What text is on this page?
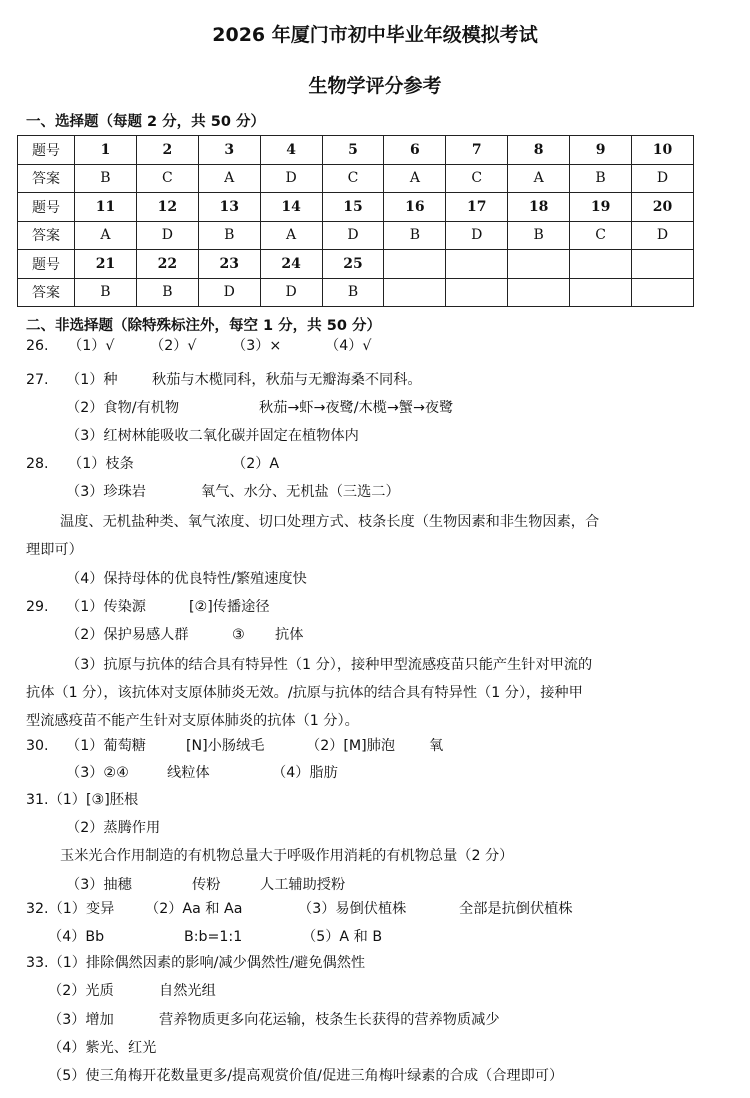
2026 年厦门市初中毕业年级模拟考试
生物学评分参考
一、选择题（每题 2 分，共 50 分）
题号	1	2	3	4	5	6	7	8	9	10
答案	B	C	A	D	C	A	C	A	B	D
题号	11	12	13	14	15	16	17	18	19	20
答案	A	D	B	A	D	B	D	B	C	D
题号	21	22	23	24	25					
答案	B	B	D	D	B					
二、非选择题（除特殊标注外，每空 1 分，共 50 分）
26. （1）√	（2）√	（3）×	（4）√
27. （1）种 秋茄与木榄同科，秋茄与无瓣海桑不同科。
（2）食物/有机物	秋茄→虾→夜鹭/木榄→蟹→夜鹭
（3）红树林能吸收二氧化碳并固定在植物体内
28. （1）枝条	（2）A
（3）珍珠岩	氧气、水分、无机盐（三选二）
温度、无机盐种类、氧气浓度、切口处理方式、枝条长度（生物因素和非生物因素，合
理即可）
（4）保持母体的优良特性/繁殖速度快
29. （1）传染源	[②]传播途径
（2）保护易感人群	③ 抗体
（3）抗原与抗体的结合具有特异性（1 分），接种甲型流感疫苗只能产生针对甲流的
抗体（1 分），该抗体对支原体肺炎无效。/抗原与抗体的结合具有特异性（1 分），接种甲
型流感疫苗不能产生针对支原体肺炎的抗体（1 分）。
30. （1）葡萄糖	[N]小肠绒毛	（2）[M]肺泡 氧
（3）②④	线粒体	（4）脂肪
31.（1）[③]胚根
（2）蒸腾作用
玉米光合作用制造的有机物总量大于呼吸作用消耗的有机物总量（2 分）
（3）抽穗	传粉	人工辅助授粉
32.（1）变异 （2）Aa 和 Aa	（3）易倒伏植株	全部是抗倒伏植株
（4）Bb	B:b=1:1	（5）A 和 B
33.（1）排除偶然因素的影响/减少偶然性/避免偶然性
（2）光质	自然光组
（3）增加	营养物质更多向花运输，枝条生长获得的营养物质减少
（4）紫光、红光
（5）使三角梅开花数量更多/提高观赏价值/促进三角梅叶绿素的合成（合理即可）
